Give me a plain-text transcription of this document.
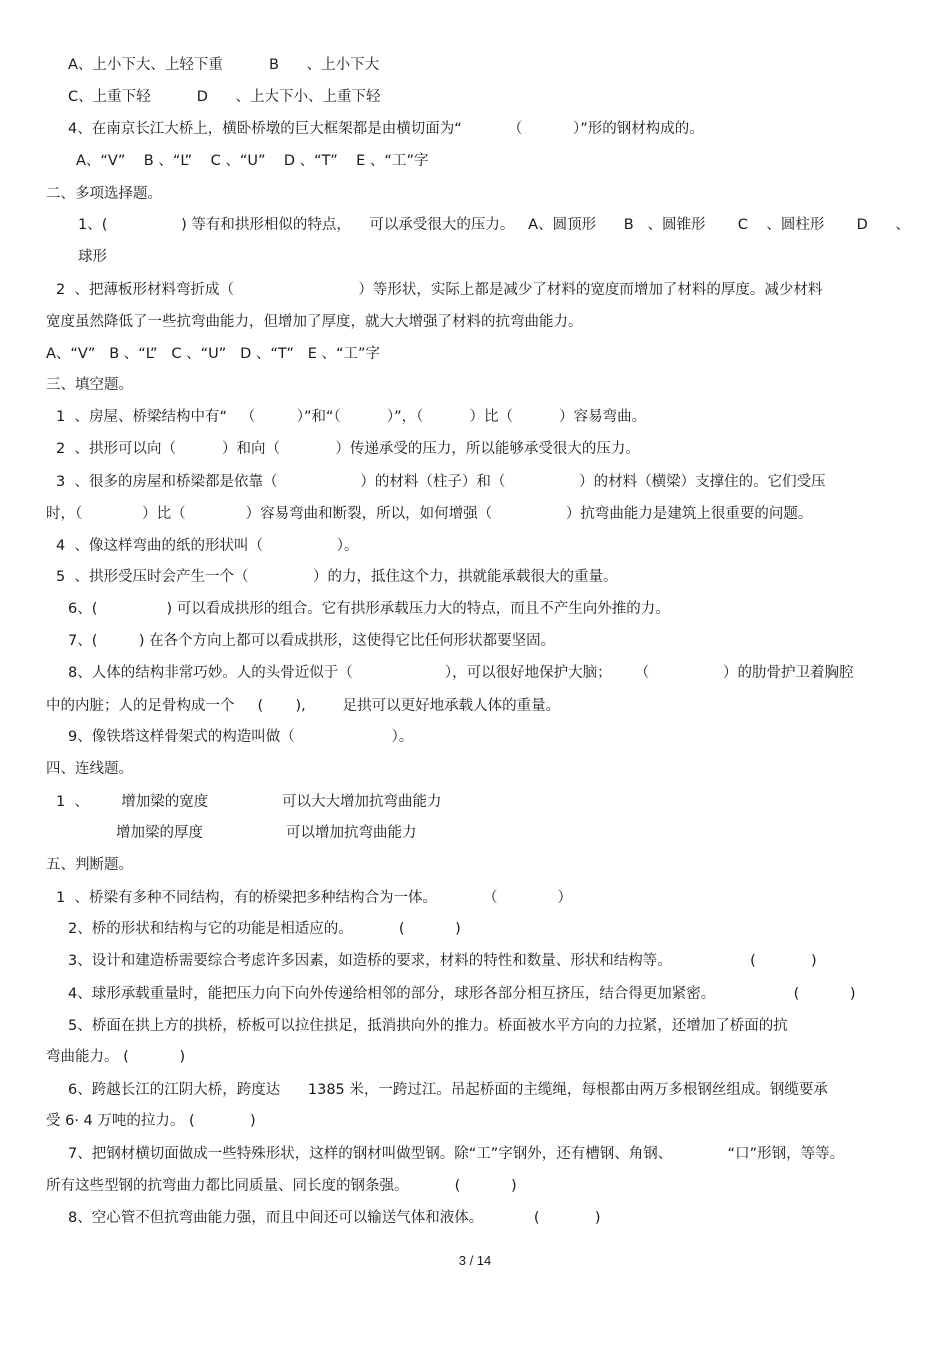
A、上小下大、上轻下重          B      、上小下大
C、上重下轻          D      、上大下小、上重下轻
4、在南京长江大桥上，横卧桥墩的巨大框架都是由横切面为“          （           ）”形的钢材构成的。
A、“V”    B 、“L”    C 、“U”    D 、“T”    E 、“工”字
二、多项选择题。
1、(                ) 等有和拱形相似的特点，    可以承受很大的压力。   A、圆顶形      B   、圆锥形       C    、圆柱形       D      、
球形
2  、把薄板形材料弯折成（                           ）等形状，实际上都是减少了材料的宽度而增加了材料的厚度。减少材料
宽度虽然降低了一些抗弯曲能力，但增加了厚度，就大大增强了材料的抗弯曲能力。
A、“V”   B 、“L”   C 、“U”   D 、“T”   E 、“工”字
三、填空题。
1  、房屋、桥梁结构中有“   （         ）”和“（          ）”，（          ）比（          ）容易弯曲。
2  、拱形可以向（          ）和向（            ）传递承受的压力，所以能够承受很大的压力。
3  、很多的房屋和桥梁都是依靠（                  ）的材料（柱子）和（                ）的材料（横梁）支撑住的。它们受压
时，（             ）比（             ）容易弯曲和断裂，所以，如何增强（                ）抗弯曲能力是建筑上很重要的问题。
4  、像这样弯曲的纸的形状叫（                ）。
5  、拱形受压时会产生一个（              ）的力，抵住这个力，拱就能承载很大的重量。
6、(               ) 可以看成拱形的组合。它有拱形承载压力大的特点，而且不产生向外推的力。
7、(         ) 在各个方向上都可以看成拱形，这使得它比任何形状都要坚固。
8、人体的结构非常巧妙。人的头骨近似于（                    ），可以很好地保护大脑；     （                ）的肋骨护卫着胸腔
中的内脏；人的足骨构成一个     (       ),        足拱可以更好地承载人体的重量。
9、像铁塔这样骨架式的构造叫做（                     ）。
四、连线题。
1  、       增加梁的宽度                可以大大增加抗弯曲能力
增加梁的厚度                  可以增加抗弯曲能力
五、判断题。
1  、桥梁有多种不同结构，有的桥梁把多种结构合为一体。          （             ）
2、桥的形状和结构与它的功能是相适应的。          (           )
3、设计和建造桥需要综合考虑许多因素，如造桥的要求，材料的特性和数量、形状和结构等。                 (            )
4、球形承载重量时，能把压力向下向外传递给相邻的部分，球形各部分相互挤压，结合得更加紧密。                 (           )
5、桥面在拱上方的拱桥，桥板可以拉住拱足，抵消拱向外的推力。桥面被水平方向的力拉紧，还增加了桥面的抗
弯曲能力。 (           )
6、跨越长江的江阴大桥，跨度达      1385 米，一跨过江。吊起桥面的主缆绳，每根都由两万多根钢丝组成。钢缆要承
受 6· 4 万吨的拉力。 (            )
7、把钢材横切面做成一些特殊形状，这样的钢材叫做型钢。除“工”字钢外，还有槽钢、角钢、            “口”形钢，等等。
所有这些型钢的抗弯曲力都比同质量、同长度的钢条强。          (           )
8、空心管不但抗弯曲能力强，而且中间还可以输送气体和液体。           (            )
3 / 14
